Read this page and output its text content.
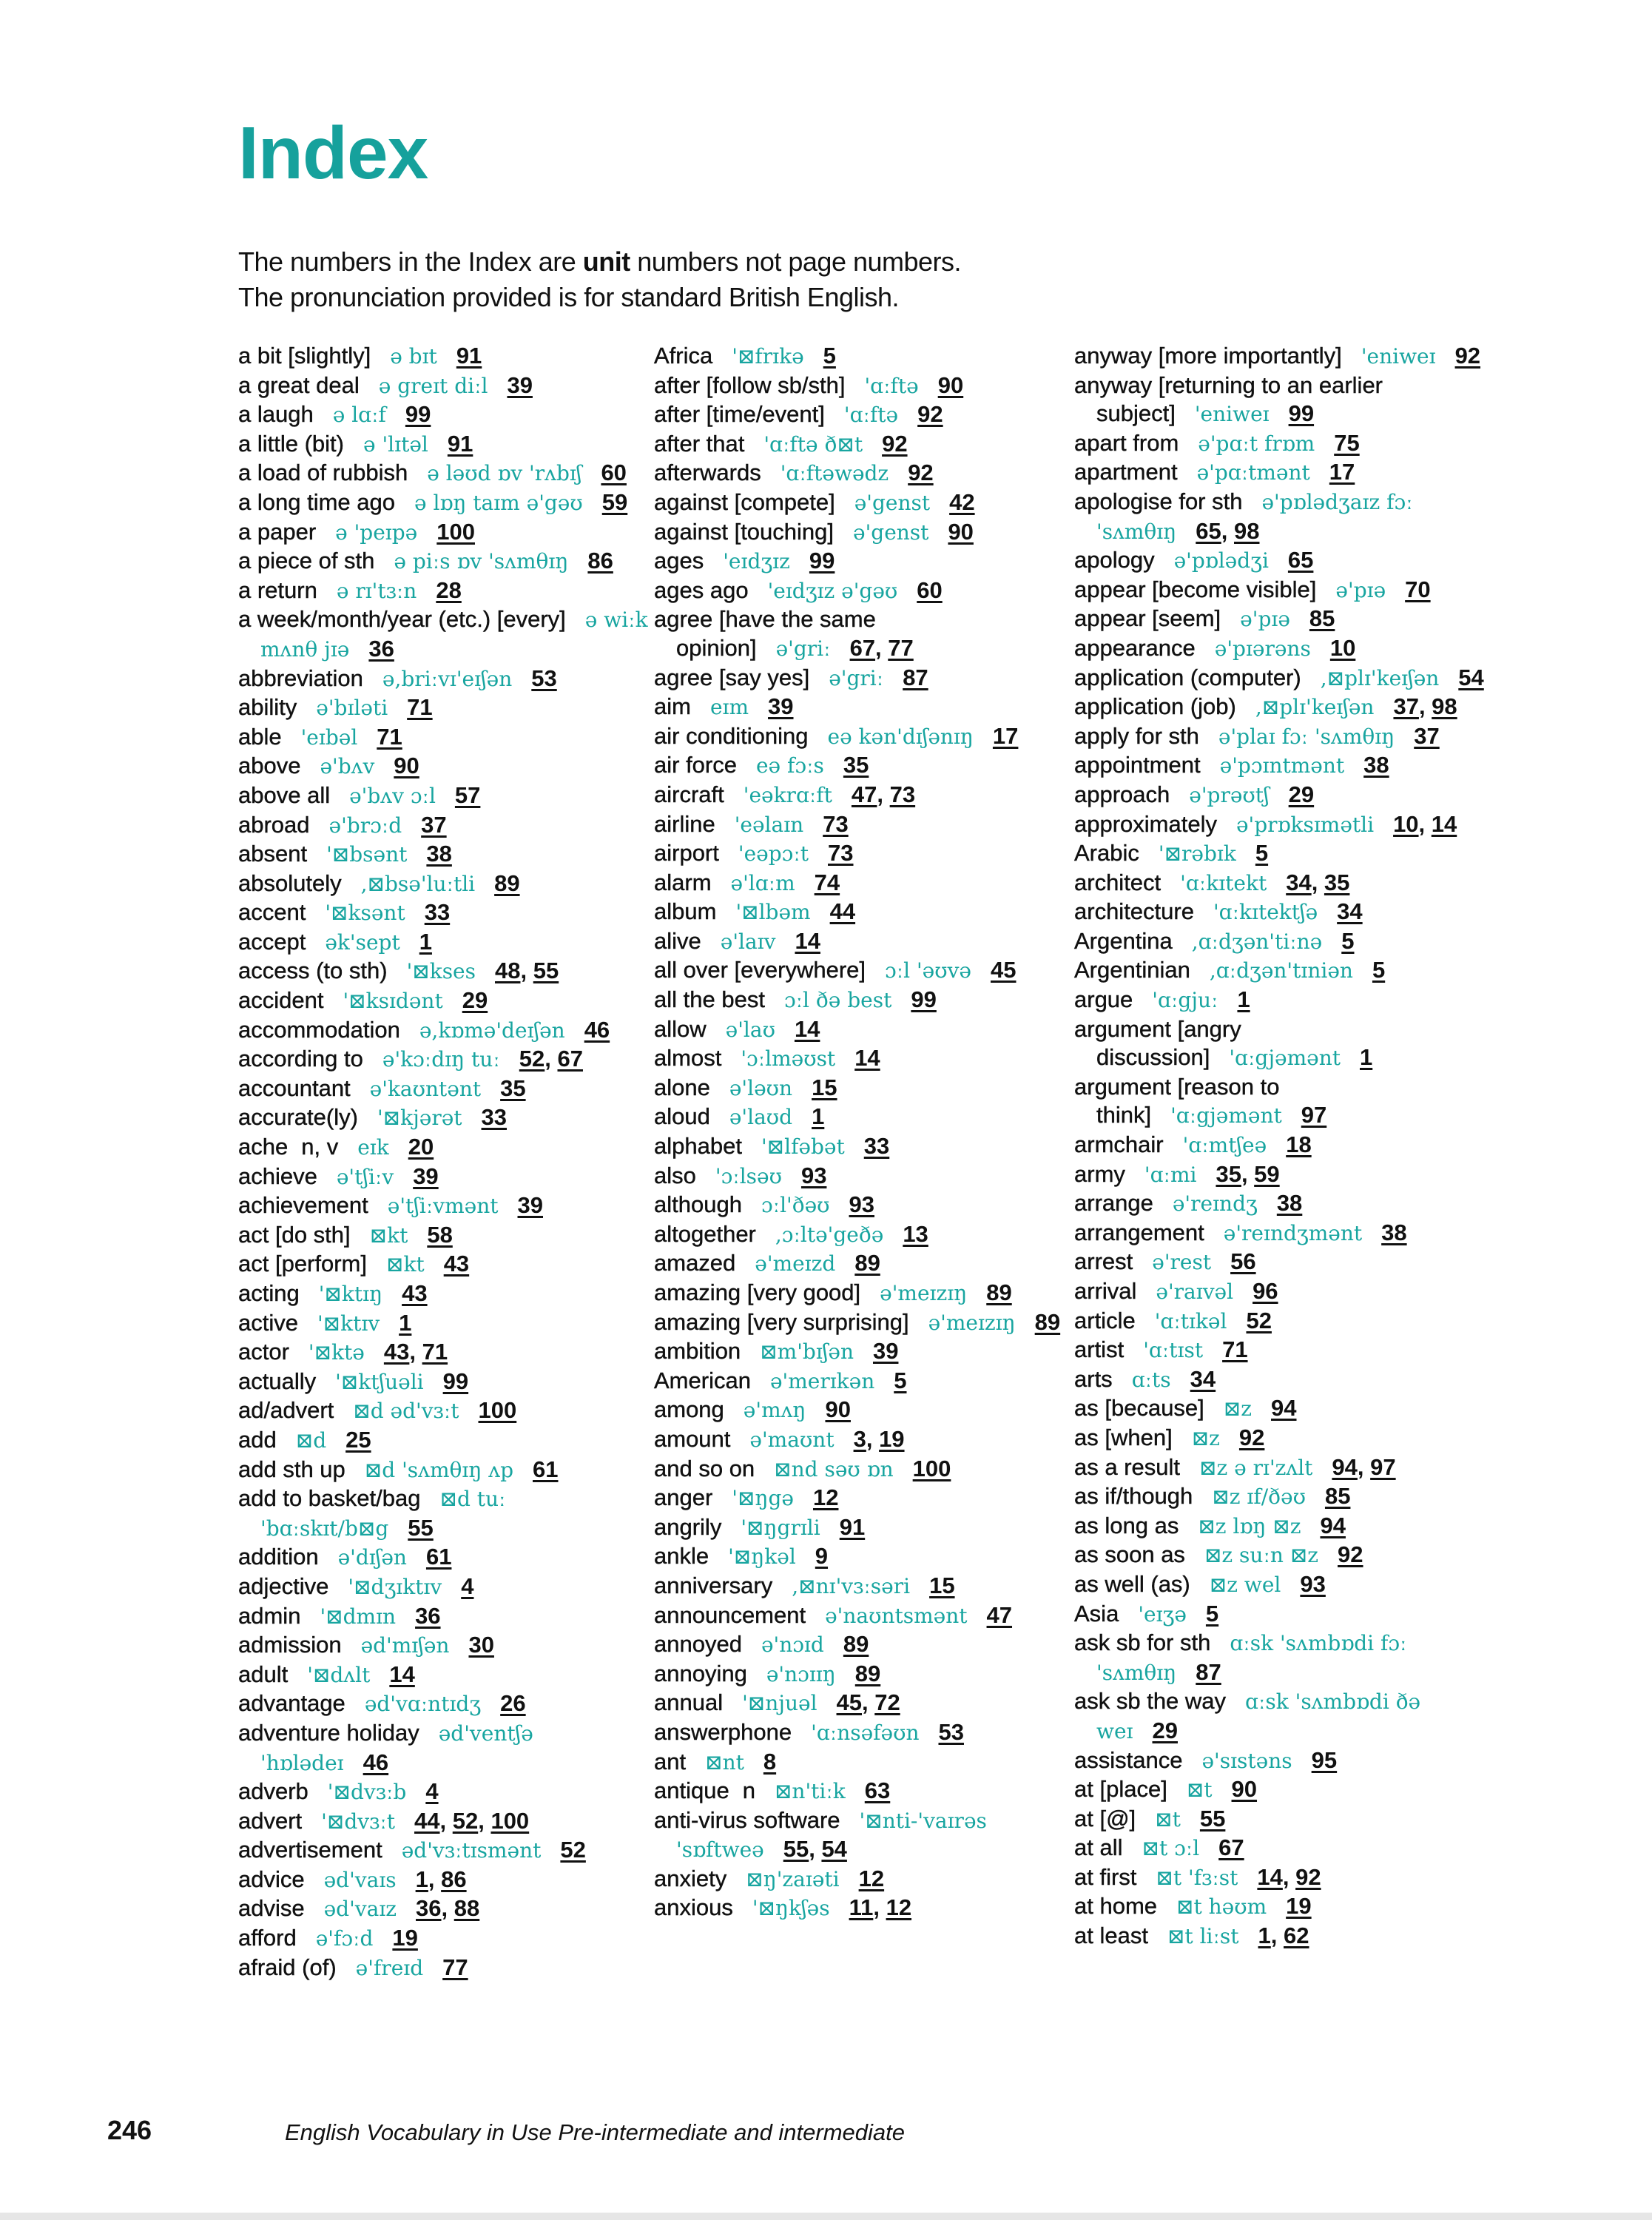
Index
The numbers in the Index are unit numbers not page numbers.
The pronunciation provided is for standard British English.

a bit [slightly] ə bɪt 91

a great deal ə greɪt diːl 39

a laugh ə lɑːf 99

a little (bit) ə 'lɪtəl 91

a load of rubbish ə ləʊd ɒv 'rʌbɪʃ 60

a long time ago ə lɒŋ taɪm ə'gəʊ 59

a paper ə 'peɪpə 100

a piece of sth ə piːs ɒv 'sʌmθɪŋ 86

a return ə rɪ'tɜːn 28

a week/month/year (etc.) [every] ə wiːk mʌnθ jɪə 36

abbreviation ə,briːvɪ'eɪʃən 53

ability ə'bɪləti 71

able 'eɪbəl 71

above ə'bʌv 90

above all ə'bʌv ɔːl 57

abroad ə'brɔːd 37

absent '⊠bsənt 38

absolutely ,⊠bsə'luːtli 89

accent '⊠ksənt 33

accept ək'sept 1

access (to sth) '⊠kses 48, 55

accident '⊠ksɪdənt 29

accommodation ə,kɒmə'deɪʃən 46

according to ə'kɔːdɪŋ tuː 52, 67

accountant ə'kaʊntənt 35

accurate(ly) '⊠kjərət 33

ache n, v eɪk 20

achieve ə'tʃiːv 39

achievement ə'tʃiːvmənt 39

act [do sth] ⊠kt 58

act [perform] ⊠kt 43

acting '⊠ktɪŋ 43

active '⊠ktɪv 1

actor '⊠ktə 43, 71

actually '⊠ktʃuəli 99

ad/advert ⊠d əd'vɜːt 100

add ⊠d 25

add sth up ⊠d 'sʌmθɪŋ ʌp 61

add to basket/bag ⊠d tuː 'bɑːskɪt/b⊠g 55

addition ə'dɪʃən 61

adjective '⊠dʒɪktɪv 4

admin '⊠dmɪn 36

admission əd'mɪʃən 30

adult '⊠dʌlt 14

advantage əd'vɑːntɪdʒ 26

adventure holiday əd'ventʃə 'hɒlədeɪ 46

adverb '⊠dvɜːb 4

advert '⊠dvɜːt 44, 52, 100

advertisement əd'vɜːtɪsmənt 52

advice əd'vaɪs 1, 86

advise əd'vaɪz 36, 88

afford ə'fɔːd 19

afraid (of) ə'freɪd 77

Africa '⊠frɪkə 5

after [follow sb/sth] 'ɑːftə 90

after [time/event] 'ɑːftə 92

after that 'ɑːftə ð⊠t 92

afterwards 'ɑːftəwədz 92

against [compete] ə'genst 42

against [touching] ə'genst 90

ages 'eɪdʒɪz 99

ages ago 'eɪdʒɪz ə'gəʊ 60

agree [have the same opinion] ə'griː 67, 77

agree [say yes] ə'griː 87

aim eɪm 39

air conditioning eə kən'dɪʃənɪŋ 17

air force eə fɔːs 35

aircraft 'eəkrɑːft 47, 73

airline 'eəlaɪn 73

airport 'eəpɔːt 73

alarm ə'lɑːm 74

album '⊠lbəm 44

alive ə'laɪv 14

all over [everywhere] ɔːl 'əʊvə 45

all the best ɔːl ðə best 99

allow ə'laʊ 14

almost 'ɔːlməʊst 14

alone ə'ləʊn 15

aloud ə'laʊd 1

alphabet '⊠lfəbət 33

also 'ɔːlsəʊ 93

although ɔːl'ðəʊ 93

altogether ,ɔːltə'geðə 13

amazed ə'meɪzd 89

amazing [very good] ə'meɪzɪŋ 89

amazing [very surprising] ə'meɪzɪŋ 89

ambition ⊠m'bɪʃən 39

American ə'merɪkən 5

among ə'mʌŋ 90

amount ə'maʊnt 3, 19

and so on ⊠nd səʊ ɒn 100

anger '⊠ŋgə 12

angrily '⊠ŋgrɪli 91

ankle '⊠ŋkəl 9

anniversary ,⊠nɪ'vɜːsəri 15

announcement ə'naʊntsmənt 47

annoyed ə'nɔɪd 89

annoying ə'nɔɪɪŋ 89

annual '⊠njuəl 45, 72

answerphone 'ɑːnsəfəʊn 53

ant ⊠nt 8

antique n ⊠n'tiːk 63

anti-virus software '⊠nti-'vaɪrəs 'sɒftweə 55, 54

anxiety ⊠ŋ'zaɪəti 12

anxious '⊠ŋkʃəs 11, 12

anyway [more importantly] 'eniweɪ 92

anyway [returning to an earlier subject] 'eniweɪ 99

apart from ə'pɑːt frɒm 75

apartment ə'pɑːtmənt 17

apologise for sth ə'pɒlədʒaɪz fɔː 'sʌmθɪŋ 65, 98

apology ə'pɒlədʒi 65

appear [become visible] ə'pɪə 70

appear [seem] ə'pɪə 85

appearance ə'pɪərəns 10

application (computer) ,⊠plɪ'keɪʃən 54

application (job) ,⊠plɪ'keɪʃən 37, 98

apply for sth ə'plaɪ fɔː 'sʌmθɪŋ 37

appointment ə'pɔɪntmənt 38

approach ə'prəʊtʃ 29

approximately ə'prɒksɪmətli 10, 14

Arabic '⊠rəbɪk 5

architect 'ɑːkɪtekt 34, 35

architecture 'ɑːkɪtektʃə 34

Argentina ,ɑːdʒən'tiːnə 5

Argentinian ,ɑːdʒən'tɪniən 5

argue 'ɑːgjuː 1

argument [angry discussion] 'ɑːgjəmənt 1

argument [reason to think] 'ɑːgjəmənt 97

armchair 'ɑːmtʃeə 18

army 'ɑːmi 35, 59

arrange ə'reɪndʒ 38

arrangement ə'reɪndʒmənt 38

arrest ə'rest 56

arrival ə'raɪvəl 96

article 'ɑːtɪkəl 52

artist 'ɑːtɪst 71

arts ɑːts 34

as [because] ⊠z 94

as [when] ⊠z 92

as a result ⊠z ə rɪ'zʌlt 94, 97

as if/though ⊠z ɪf/ðəʊ 85

as long as ⊠z lɒŋ ⊠z 94

as soon as ⊠z suːn ⊠z 92

as well (as) ⊠z wel 93

Asia 'eɪʒə 5

ask sb for sth ɑːsk 'sʌmbɒdi fɔː 'sʌmθɪŋ 87

ask sb the way ɑːsk 'sʌmbɒdi ðə weɪ 29

assistance ə'sɪstəns 95

at [place] ⊠t 90

at [@] ⊠t 55

at all ⊠t ɔːl 67

at first ⊠t 'fɜːst 14, 92

at home ⊠t həʊm 19

at least ⊠t liːst 1, 62

246	English Vocabulary in Use Pre-intermediate and intermediate
